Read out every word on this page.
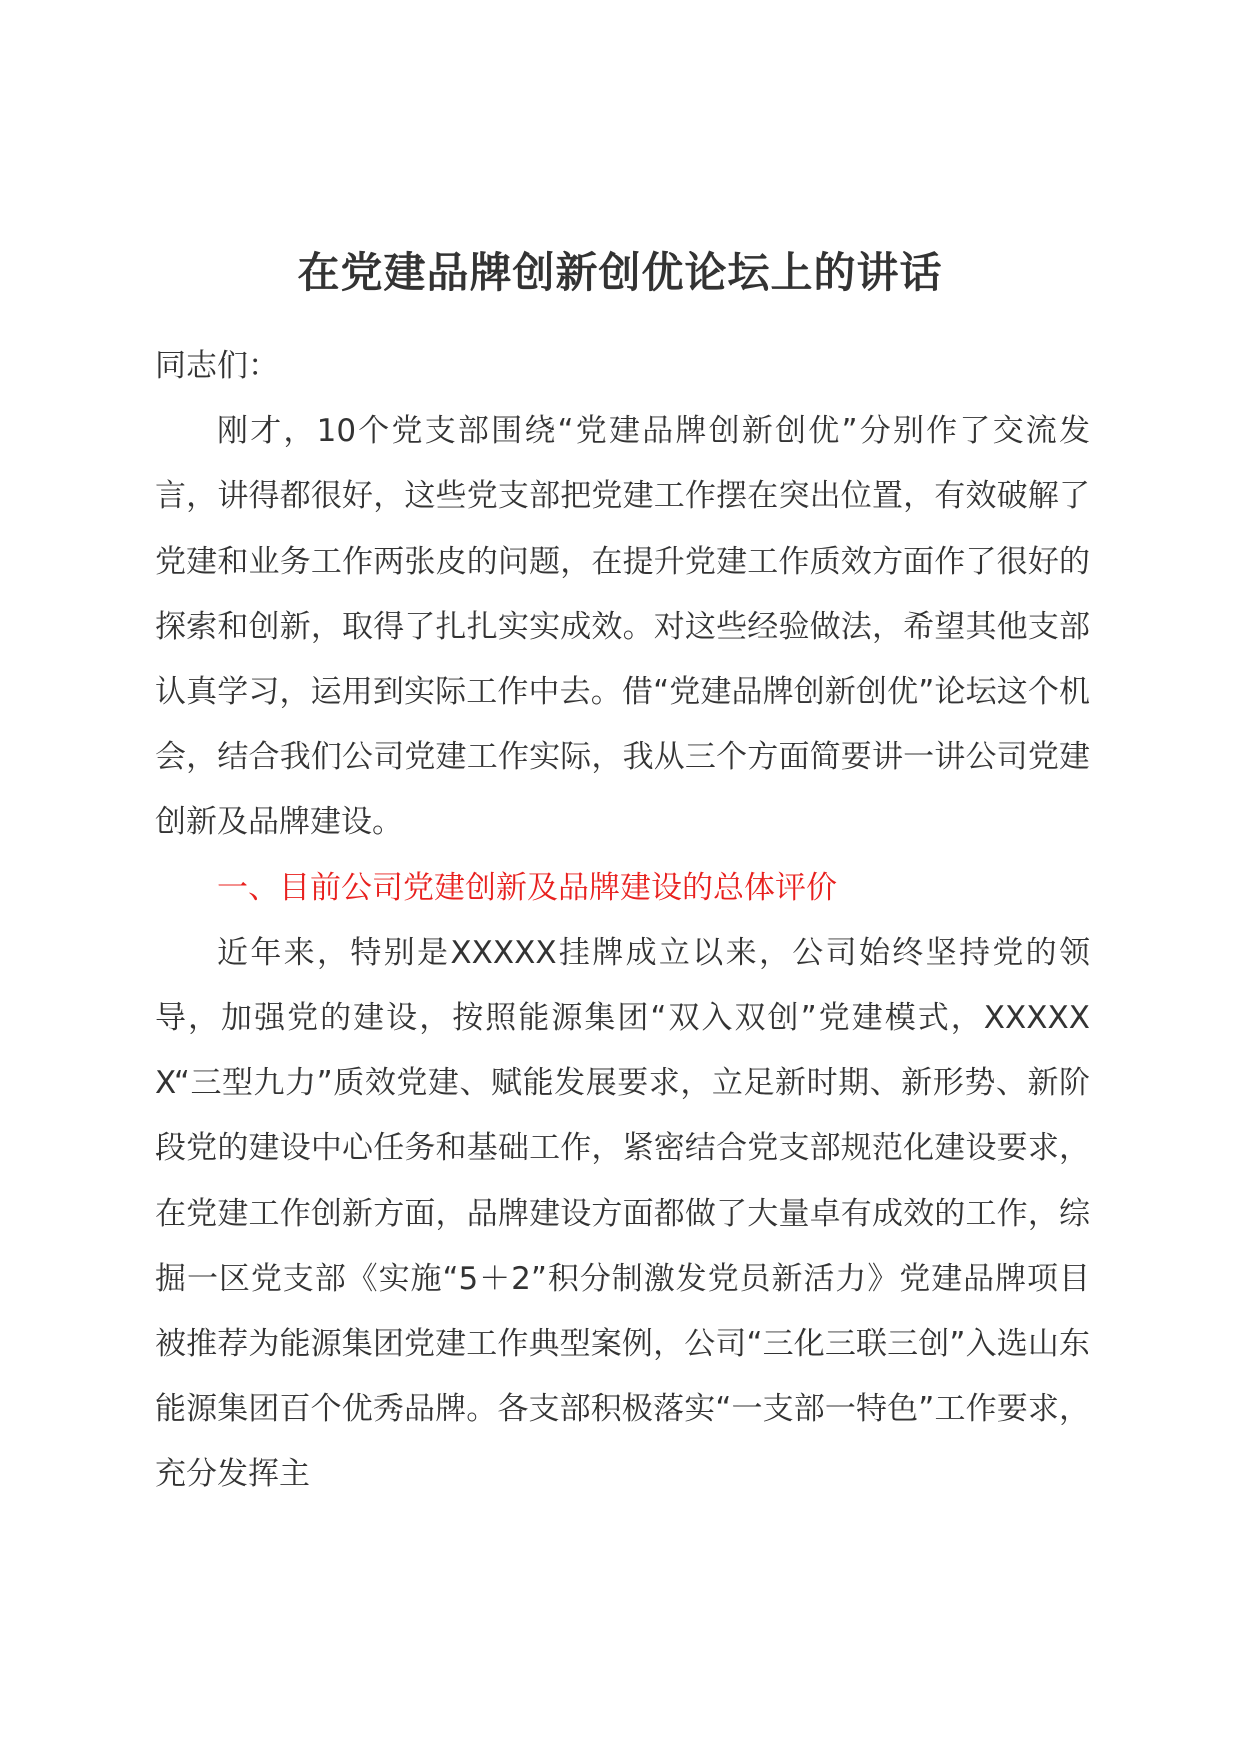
在党建品牌创新创优论坛上的讲话

同志们：

刚才，10个党支部围绕“党建品牌创新创优”分别作了交流发言，讲得都很好，这些党支部把党建工作摆在突出位置，有效破解了党建和业务工作两张皮的问题，在提升党建工作质效方面作了很好的探索和创新，取得了扎扎实实成效。对这些经验做法，希望其他支部认真学习，运用到实际工作中去。借“党建品牌创新创优”论坛这个机会，结合我们公司党建工作实际，我从三个方面简要讲一讲公司党建创新及品牌建设。

一、目前公司党建创新及品牌建设的总体评价

近年来，特别是XXXXX挂牌成立以来，公司始终坚持党的领导，加强党的建设，按照能源集团“双入双创”党建模式，XXXXXX“三型九力”质效党建、赋能发展要求，立足新时期、新形势、新阶段党的建设中心任务和基础工作，紧密结合党支部规范化建设要求，在党建工作创新方面，品牌建设方面都做了大量卓有成效的工作，综掘一区党支部《实施“5＋2”积分制激发党员新活力》党建品牌项目被推荐为能源集团党建工作典型案例，公司“三化三联三创”入选山东能源集团百个优秀品牌。各支部积极落实“一支部一特色”工作要求，充分发挥主
